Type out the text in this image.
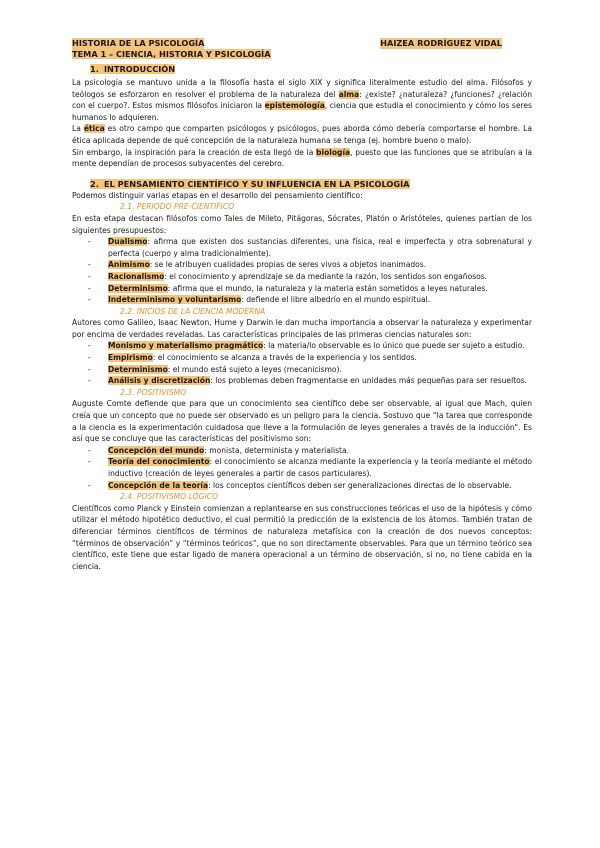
HISTORIA DE LA PSICOLOGÍA	HAIZEA RODRÍGUEZ VIDAL
TEMA 1 – CIENCIA, HISTORIA Y PSICOLOGÍA
1. INTRODUCCIÓN

La psicología se mantuvo unida a la filosofía hasta el siglo XIX y significa literalmente estudio del alma. Filósofos y teólogos se esforzaron en resolver el problema de la naturaleza del alma: ¿existe? ¿naturaleza? ¿funciones? ¿relación con el cuerpo?. Estos mismos filósofos iniciaron la epistemología, ciencia que estudia el conocimiento y cómo los seres humanos lo adquieren.

La ética es otro campo que comparten psicólogos y psicólogos, pues aborda cómo debería comportarse el hombre. La ética aplicada depende de qué concepción de la naturaleza humana se tenga (ej. hombre bueno o malo).

Sin embargo, la inspiración para la creación de esta llegó de la biología, puesto que las funciones que se atribuían a la mente dependían de procesos subyacentes del cerebro.

2. EL PENSAMIENTO CIENTÍFICO Y SU INFLUENCIA EN LA PSICOLOGÍA

Podemos distinguir varias etapas en el desarrollo del pensamiento científico:

2.1. PERIODO PRE-CIENTÍFICO

En esta etapa destacan filósofos como Tales de Mileto, Pitágoras, Sócrates, Platón o Aristóteles, quienes partían de los siguientes presupuestos:

- Dualismo: afirma que existen dos sustancias diferentes, una física, real e imperfecta y otra sobrenatural y perfecta (cuerpo y alma tradicionalmente).
- Animismo: se le atribuyen cualidades propias de seres vivos a objetos inanimados.
- Racionalismo: el conocimiento y aprendizaje se da mediante la razón, los sentidos son engañosos.
- Determinismo: afirma que el mundo, la naturaleza y la materia están sometidos a leyes naturales.
- Indeterminismo y voluntarismo: defiende el libre albedrío en el mundo espiritual.
2.2. INICIOS DE LA CIENCIA MODERNA

Autores como Galileo, Isaac Newton, Hume y Darwin le dan mucha importancia a observar la naturaleza y experimentar por encima de verdades reveladas. Las características principales de las primeras ciencias naturales son:

- Monismo y materialismo pragmático: la materia/lo observable es lo único que puede ser sujeto a estudio.
- Empirismo: el conocimiento se alcanza a través de la experiencia y los sentidos.
- Determinismo: el mundo está sujeto a leyes (mecanicismo).
- Análisis y discretización: los problemas deben fragmentarse en unidades más pequeñas para ser resueltos.
2.3. POSITIVISMO

Auguste Comte defiende que para que un conocimiento sea científico debe ser observable, al igual que Mach, quien creía que un concepto que no puede ser observado es un peligro para la ciencia. Sostuvo que “la tarea que corresponde a la ciencia es la experimentación cuidadosa que lleve a la formulación de leyes generales a través de la inducción”. Es así que se concluye que las características del positivismo son:

- Concepción del mundo: monista, determinista y materialista.
- Teoría del conocimiento: el conocimiento se alcanza mediante la experiencia y la teoría mediante el método inductivo (creación de leyes generales a partir de casos particulares).
- Concepción de la teoría: los conceptos científicos deben ser generalizaciones directas de lo observable.
2.4. POSITIVISMO LÓGICO

Científicos como Planck y Einstein comienzan a replantearse en sus construcciones teóricas el uso de la hipótesis y cómo utilizar el método hipotético deductivo, el cual permitió la predicción de la existencia de los átomos. También tratan de diferenciar términos científicos de términos de naturaleza metafísica con la creación de dos nuevos conceptos: “términos de observación” y “términos teóricos”, que no son directamente observables. Para que un término teórico sea científico, este tiene que estar ligado de manera operacional a un término de observación, si no, no tiene cabida en la ciencia.
